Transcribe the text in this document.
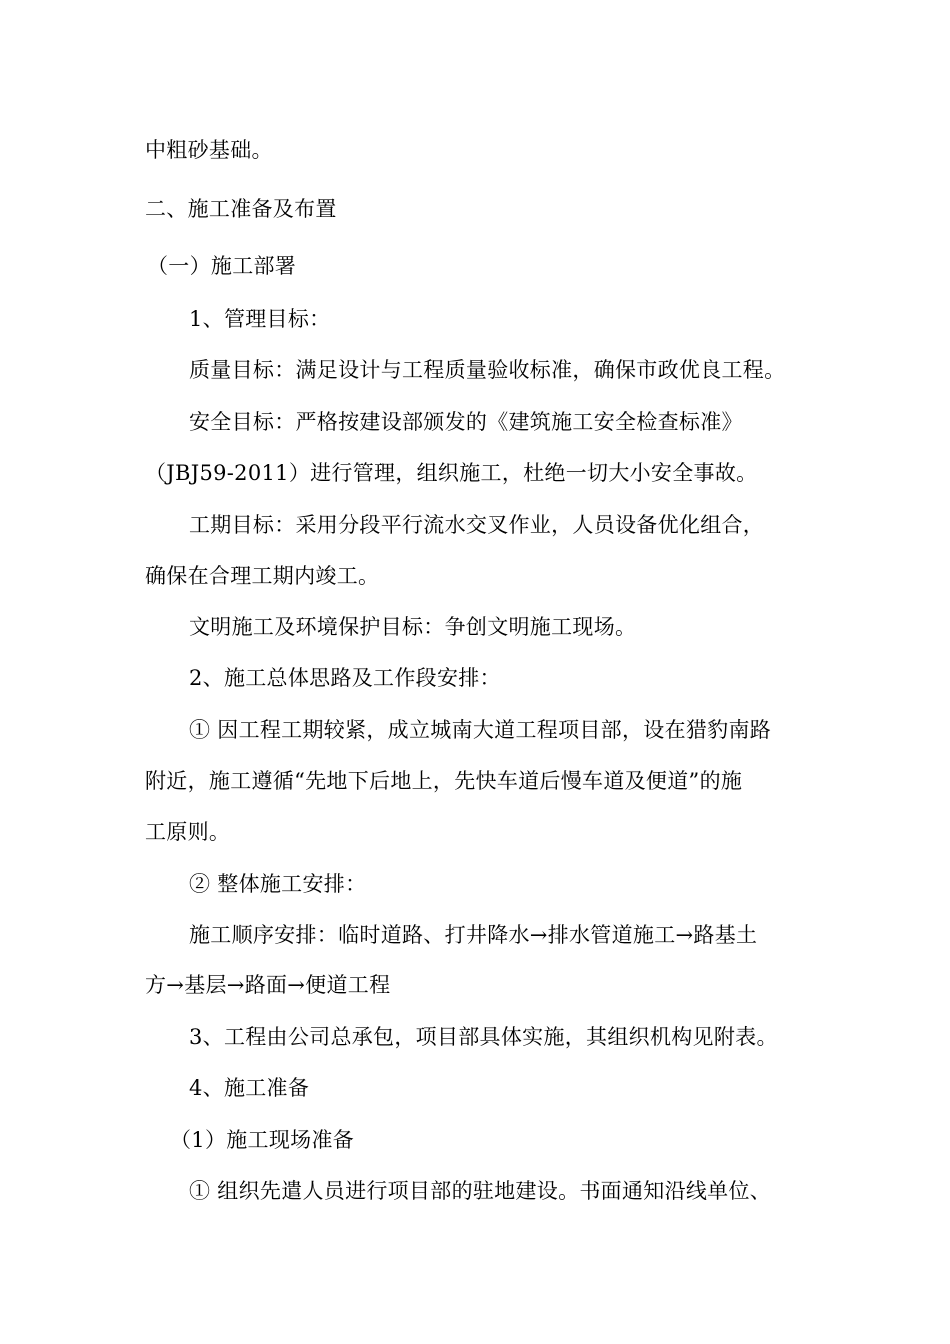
中粗砂基础。
二、施工准备及布置
（一）施工部署
1、管理目标：
质量目标：满足设计与工程质量验收标准，确保市政优良工程。
安全目标：严格按建设部颁发的《建筑施工安全检查标准》
（JBJ59-2011）进行管理，组织施工，杜绝一切大小安全事故。
工期目标：采用分段平行流水交叉作业，人员设备优化组合，
确保在合理工期内竣工。
文明施工及环境保护目标：争创文明施工现场。
2、施工总体思路及工作段安排：
① 因工程工期较紧，成立城南大道工程项目部，设在猎豹南路
附近，施工遵循“先地下后地上，先快车道后慢车道及便道”的施
工原则。
② 整体施工安排：
施工顺序安排：临时道路、打井降水→排水管道施工→路基土
方→基层→路面→便道工程
3、工程由公司总承包，项目部具体实施，其组织机构见附表。
4、施工准备
（1）施工现场准备
① 组织先遣人员进行项目部的驻地建设。书面通知沿线单位、
